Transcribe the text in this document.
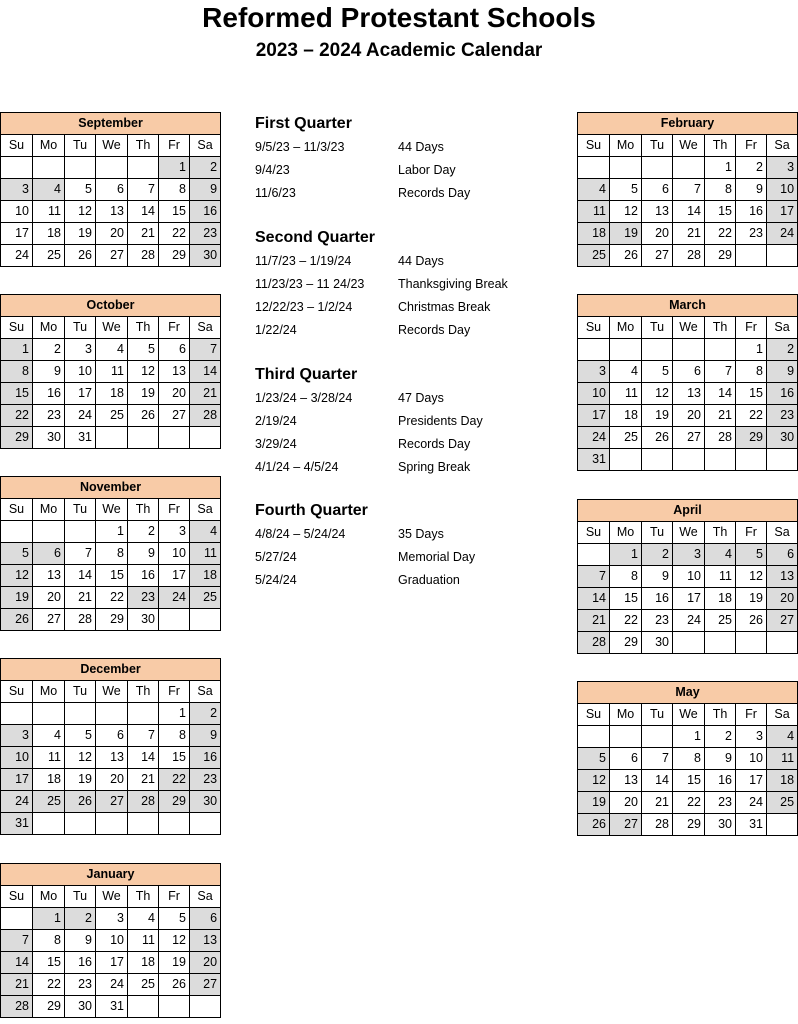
Reformed Protestant Schools
2023 – 2024 Academic Calendar
September						
Su	Mo	Tu	We	Th	Fr	Sa
					1	2
3	4	5	6	7	8	9
10	11	12	13	14	15	16
17	18	19	20	21	22	23
24	25	26	27	28	29	30
October						
Su	Mo	Tu	We	Th	Fr	Sa
1	2	3	4	5	6	7
8	9	10	11	12	13	14
15	16	17	18	19	20	21
22	23	24	25	26	27	28
29	30	31				
November						
Su	Mo	Tu	We	Th	Fr	Sa
			1	2	3	4
5	6	7	8	9	10	11
12	13	14	15	16	17	18
19	20	21	22	23	24	25
26	27	28	29	30		
December						
Su	Mo	Tu	We	Th	Fr	Sa
					1	2
3	4	5	6	7	8	9
10	11	12	13	14	15	16
17	18	19	20	21	22	23
24	25	26	27	28	29	30
31						
January						
Su	Mo	Tu	We	Th	Fr	Sa
	1	2	3	4	5	6
7	8	9	10	11	12	13
14	15	16	17	18	19	20
21	22	23	24	25	26	27
28	29	30	31			
February						
Su	Mo	Tu	We	Th	Fr	Sa
				1	2	3
4	5	6	7	8	9	10
11	12	13	14	15	16	17
18	19	20	21	22	23	24
25	26	27	28	29		
March						
Su	Mo	Tu	We	Th	Fr	Sa
					1	2
3	4	5	6	7	8	9
10	11	12	13	14	15	16
17	18	19	20	21	22	23
24	25	26	27	28	29	30
31						
April						
Su	Mo	Tu	We	Th	Fr	Sa
	1	2	3	4	5	6
7	8	9	10	11	12	13
14	15	16	17	18	19	20
21	22	23	24	25	26	27
28	29	30				
May						
Su	Mo	Tu	We	Th	Fr	Sa
			1	2	3	4
5	6	7	8	9	10	11
12	13	14	15	16	17	18
19	20	21	22	23	24	25
26	27	28	29	30	31	
First Quarter
9/5/23 – 11/3/23	44 Days
9/4/23	Labor Day
11/6/23	Records Day
Second Quarter
11/7/23 – 1/19/24	44 Days
11/23/23 – 11 24/23	Thanksgiving Break
12/22/23 – 1/2/24	Christmas Break
1/22/24	Records Day
Third Quarter
1/23/24 – 3/28/24	47 Days
2/19/24	Presidents Day
3/29/24	Records Day
4/1/24 – 4/5/24	Spring Break
Fourth Quarter
4/8/24 – 5/24/24	35 Days
5/27/24	Memorial Day
5/24/24	Graduation
